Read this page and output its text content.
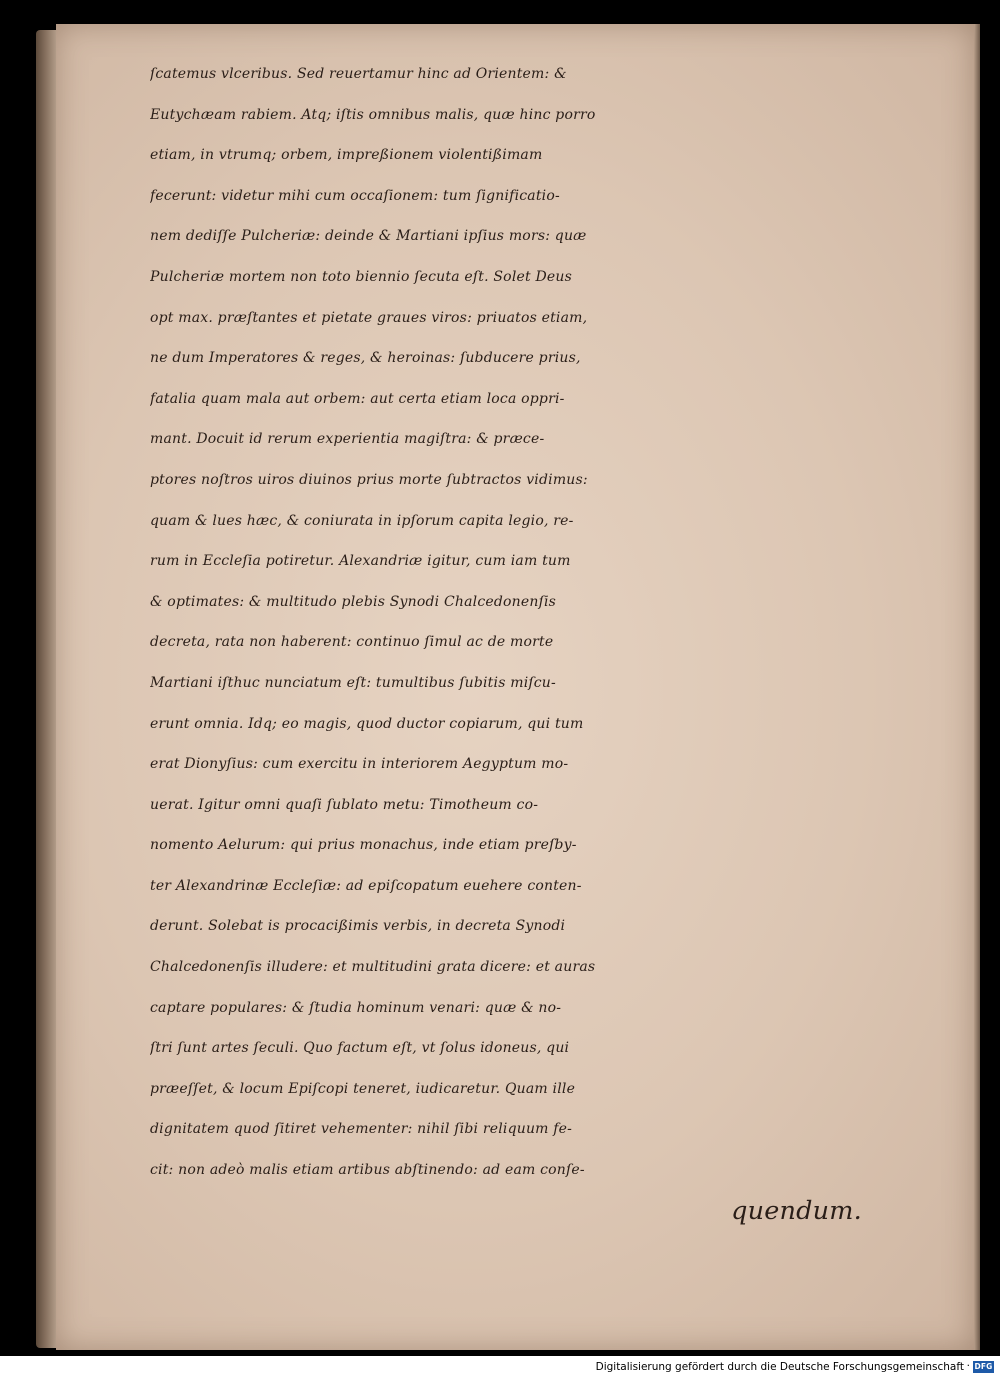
ſcatemus vlceribus. Sed reuertamur hinc ad Orientem: &
Eutychæam rabiem. Atq; iſtis omnibus malis, quæ hinc porro
etiam, in vtrumq; orbem, impreßionem violentißimam
fecerunt: videtur mihi cum occaſionem: tum ſignificatio-
nem dediſſe Pulcheriæ: deinde & Martiani ipſius mors: quæ
Pulcheriæ mortem non toto biennio ſecuta eſt. Solet Deus
opt max. præſtantes et pietate graues viros: priuatos etiam,
ne dum Imperatores & reges, & heroinas: ſubducere prius,
fatalia quam mala aut orbem: aut certa etiam loca oppri-
mant. Docuit id rerum experientia magiſtra: & præce-
ptores noſtros uiros diuinos prius morte ſubtractos vidimus:
quam & lues hæc, & coniurata in ipſorum capita legio, re-
rum in Eccleſia potiretur. Alexandriæ igitur, cum iam tum
& optimates: & multitudo plebis Synodi Chalcedonenſis
decreta, rata non haberent: continuo ſimul ac de morte
Martiani iſthuc nunciatum eſt: tumultibus ſubitis miſcu-
erunt omnia. Idq; eo magis, quod ductor copiarum, qui tum
erat Dionyſius: cum exercitu in interiorem Aegyptum mo-
uerat. Igitur omni quaſi ſublato metu: Timotheum co-
nomento Aelurum: qui prius monachus, inde etiam preſby-
ter Alexandrinæ Eccleſiæ: ad epiſcopatum euehere conten-
derunt. Solebat is procacißimis verbis, in decreta Synodi
Chalcedonenſis illudere: et multitudini grata dicere: et auras
captare populares: & ſtudia hominum venari: quæ & no-
ſtri ſunt artes ſeculi. Quo factum eſt, vt ſolus idoneus, qui
præeſſet, & locum Epiſcopi teneret, iudicaretur. Quam ille
dignitatem quod ſitiret vehementer: nihil ſibi reliquum fe-
cit: non adeò malis etiam artibus abſtinendo: ad eam conſe-
quendum.
Digitalisierung gefördert durch die Deutsche Forschungsgemeinschaft · DFG
